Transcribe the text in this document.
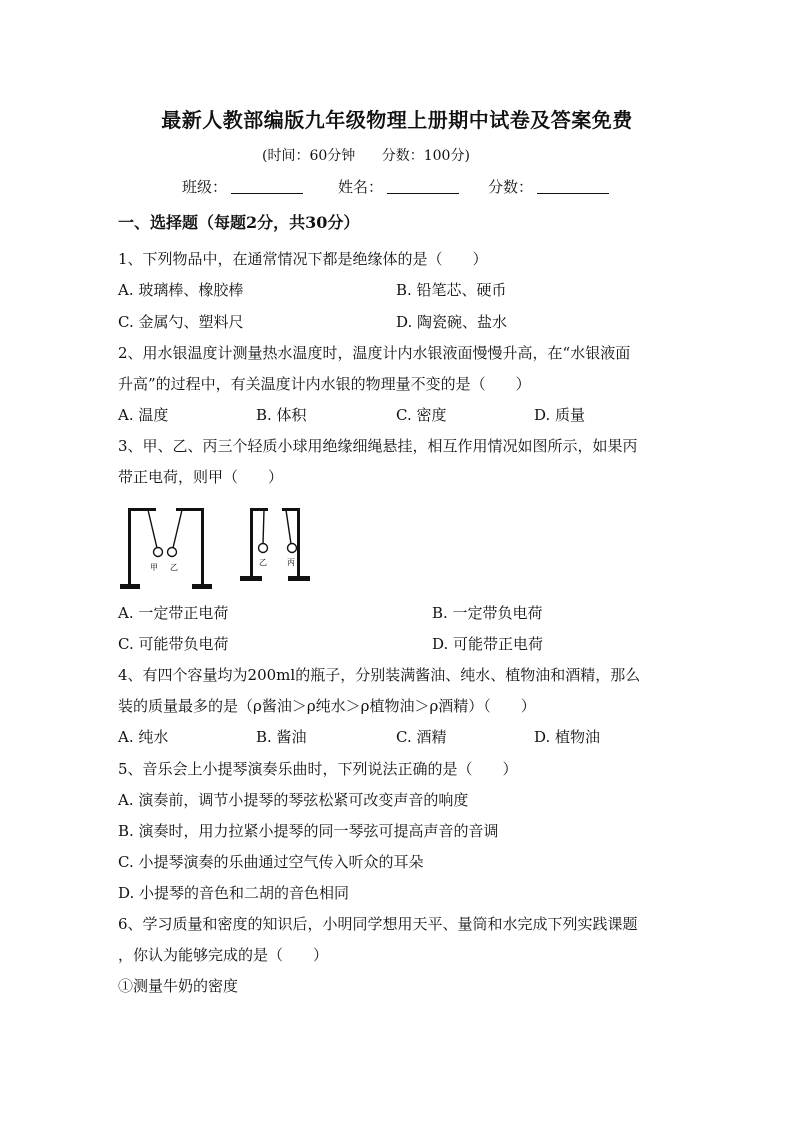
最新人教部编版九年级物理上册期中试卷及答案免费
(时间：60分钟 分数：100分)
班级：	姓名：	分数：
一、选择题（每题2分，共30分）
1、下列物品中，在通常情况下都是绝缘体的是（　　）
A. 玻璃棒、橡胶棒	B. 铅笔芯、硬币
C. 金属勺、塑料尺	D. 陶瓷碗、盐水
2、用水银温度计测量热水温度时，温度计内水银液面慢慢升高，在“水银液面
升高”的过程中，有关温度计内水银的物理量不变的是（　　）
A. 温度	B. 体积	C. 密度	D. 质量
3、甲、乙、丙三个轻质小球用绝缘细绳悬挂，相互作用情况如图所示，如果丙
带正电荷，则甲（　　）
甲 乙
乙	丙
A. 一定带正电荷	B. 一定带负电荷
C. 可能带负电荷	D. 可能带正电荷
4、有四个容量均为200ml的瓶子，分别装满酱油、纯水、植物油和酒精，那么
装的质量最多的是（ρ酱油＞ρ纯水＞ρ植物油＞ρ酒精）（　　）
A. 纯水	B. 酱油	C. 酒精	D. 植物油
5、音乐会上小提琴演奏乐曲时，下列说法正确的是（　　）
A. 演奏前，调节小提琴的琴弦松紧可改变声音的响度
B. 演奏时，用力拉紧小提琴的同一琴弦可提高声音的音调
C. 小提琴演奏的乐曲通过空气传入听众的耳朵
D. 小提琴的音色和二胡的音色相同
6、学习质量和密度的知识后，小明同学想用天平、量筒和水完成下列实践课题
，你认为能够完成的是（　　）
①测量牛奶的密度
